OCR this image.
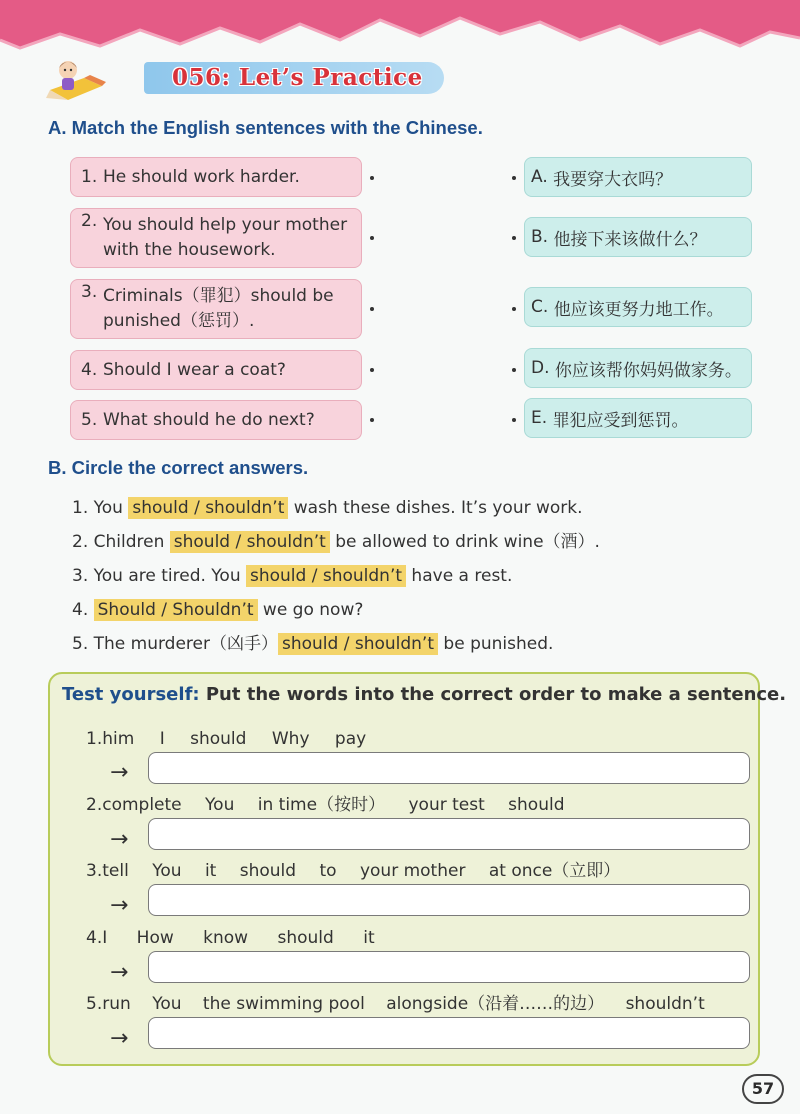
056: Let’s Practice
A. Match the English sentences with the Chinese.
1. He should work harder.
2. You should help your mother
with the housework.
3. Criminals（罪犯）should be
punished（惩罚）.
4. Should I wear a coat?
5. What should he do next?
A.
我要穿大衣吗？
B.
他接下来该做什么？
C.
他应该更努力地工作。
D.
你应该帮你妈妈做家务。
E.
罪犯应受到惩罚。
B. Circle the correct answers.
1. You should / shouldn’t wash these dishes. It’s your work.
2. Children should / shouldn’t be allowed to drink wine（酒）.
3. You are tired. You should / shouldn’t have a rest.
4. Should / Shouldn’t we go now?
5. The murderer（凶手） should / shouldn’t be punished.
Test yourself: Put the words into the correct order to make a sentence.
1.him I should Why pay
→
2.complete You in time（按时） your test should
→
3.tell You it should to your mother at once（立即）
→
4.I How know should it
→
5.run You the swimming pool alongside（沿着……的边） shouldn’t
→
57
